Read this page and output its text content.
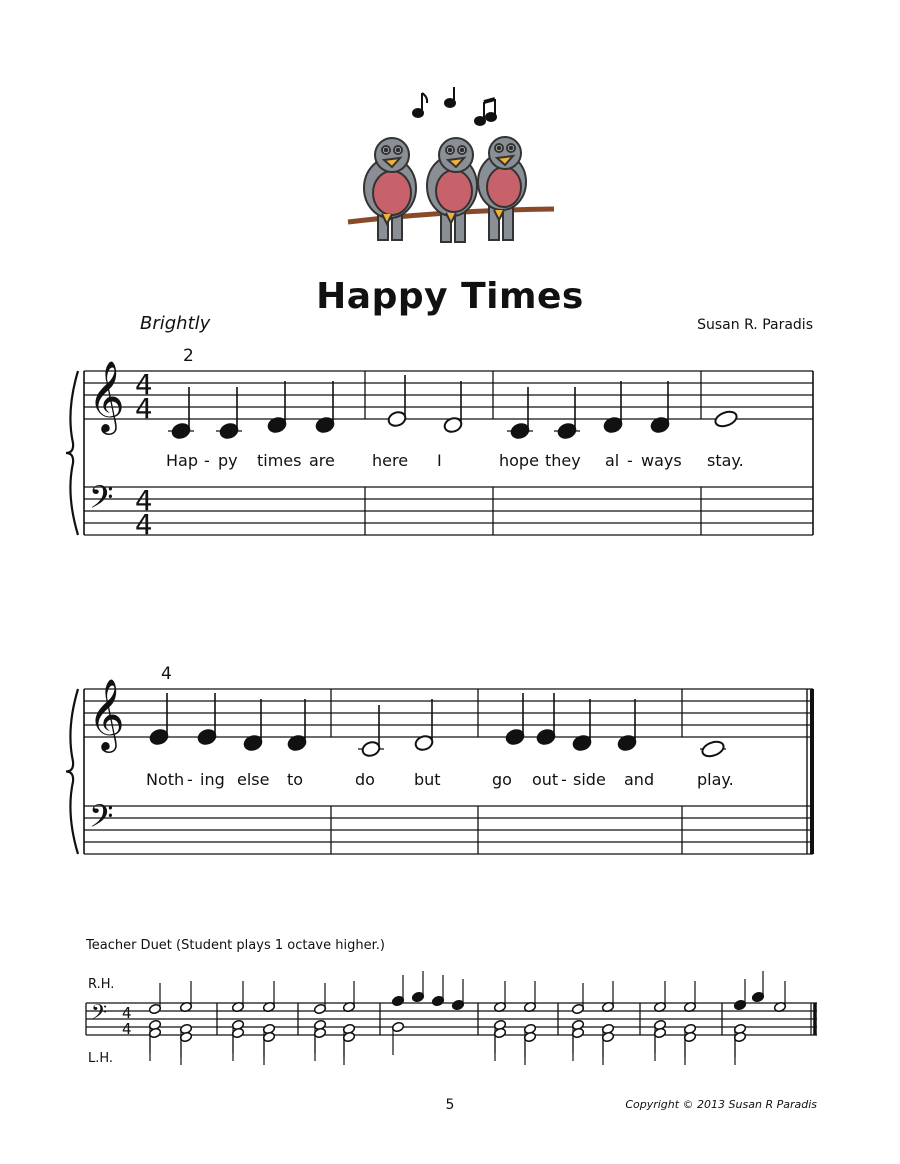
𝄞
𝄢
4
4
4
4
𝄞
𝄢
𝄢 4
4
Happy Times
Brightly	Susan R. Paradis
2
4
Hap - py times are here I	hope they al - ways stay.
Noth - ing else to	do but	go out - side and	play.
Teacher Duet (Student plays 1 octave higher.)
R.H.
L.H.
5	Copyright © 2013 Susan R Paradis
